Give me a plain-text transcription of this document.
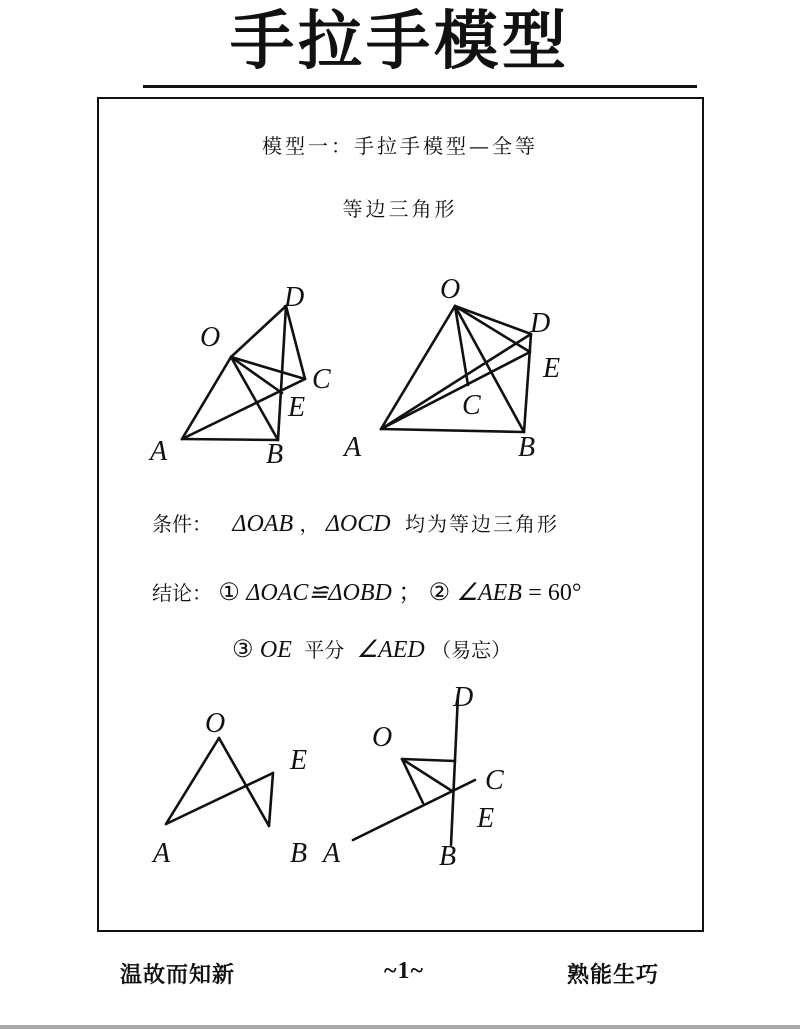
手拉手模型
模型一：手拉手模型—全等
等边三角形
D
O
C
E
A	B
O
D
E
C
A	B
O
E
A	B
D
O
C
E
A	B
条件： ΔOAB ， ΔOCD 均为等边三角形
结论： ① ΔOAC≌ΔOBD ； ② ∠AEB = 60°
③ OE 平分 ∠AED （易忘）
温故而知新	~1~	熟能生巧
